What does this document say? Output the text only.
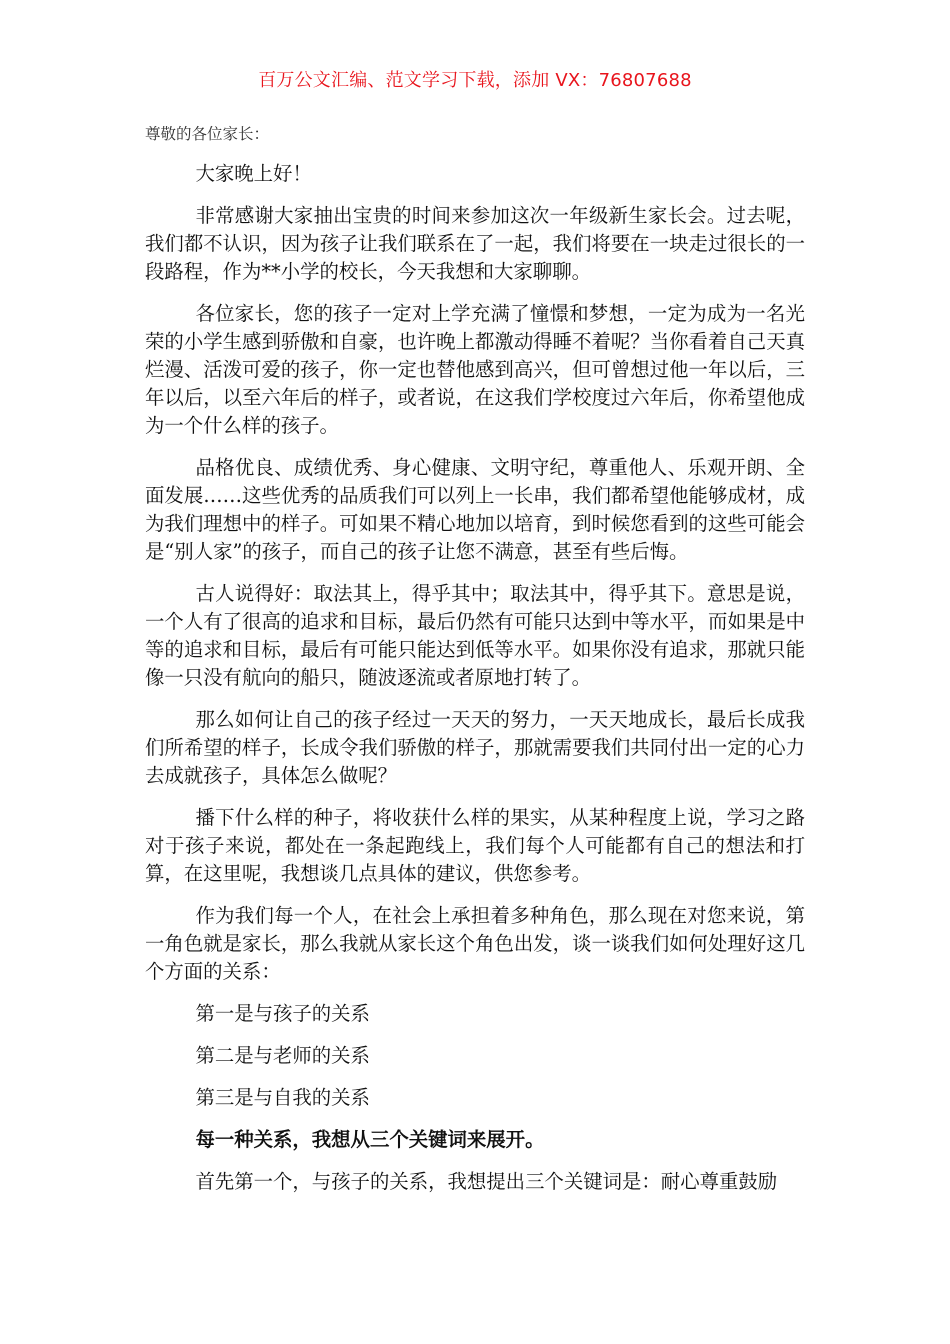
百万公文汇编、范文学习下载，添加 VX：76807688
尊敬的各位家长：

大家晚上好！

非常感谢大家抽出宝贵的时间来参加这次一年级新生家长会。过去呢，我们都不认识，因为孩子让我们联系在了一起，我们将要在一块走过很长的一段路程，作为**小学的校长，今天我想和大家聊聊。

各位家长，您的孩子一定对上学充满了憧憬和梦想，一定为成为一名光荣的小学生感到骄傲和自豪，也许晚上都激动得睡不着呢？当你看着自己天真烂漫、活泼可爱的孩子，你一定也替他感到高兴，但可曾想过他一年以后，三年以后，以至六年后的样子，或者说，在这我们学校度过六年后，你希望他成为一个什么样的孩子。

品格优良、成绩优秀、身心健康、文明守纪，尊重他人、乐观开朗、全面发展……这些优秀的品质我们可以列上一长串，我们都希望他能够成材，成为我们理想中的样子。可如果不精心地加以培育，到时候您看到的这些可能会是“别人家”的孩子，而自己的孩子让您不满意，甚至有些后悔。

古人说得好：取法其上，得乎其中；取法其中，得乎其下。意思是说，一个人有了很高的追求和目标，最后仍然有可能只达到中等水平，而如果是中等的追求和目标，最后有可能只能达到低等水平。如果你没有追求，那就只能像一只没有航向的船只，随波逐流或者原地打转了。

那么如何让自己的孩子经过一天天的努力，一天天地成长，最后长成我们所希望的样子，长成令我们骄傲的样子，那就需要我们共同付出一定的心力去成就孩子，具体怎么做呢？

播下什么样的种子，将收获什么样的果实，从某种程度上说，学习之路对于孩子来说，都处在一条起跑线上，我们每个人可能都有自己的想法和打算，在这里呢，我想谈几点具体的建议，供您参考。

作为我们每一个人，在社会上承担着多种角色，那么现在对您来说，第一角色就是家长，那么我就从家长这个角色出发，谈一谈我们如何处理好这几个方面的关系：

第一是与孩子的关系

第二是与老师的关系

第三是与自我的关系

每一种关系，我想从三个关键词来展开。

首先第一个，与孩子的关系，我想提出三个关键词是：耐心尊重鼓励
